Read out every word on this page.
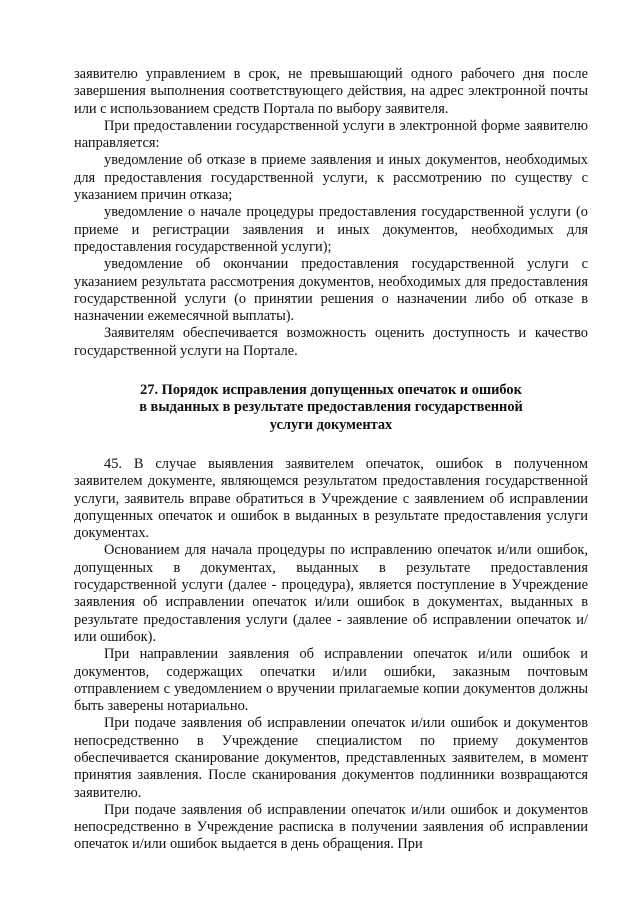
заявителю управлением в срок, не превышающий одного рабочего дня после завершения выполнения соответствующего действия, на адрес электронной почты или с использованием средств Портала по выбору заявителя.

При предоставлении государственной услуги в электронной форме заявителю направляется:

уведомление об отказе в приеме заявления и иных документов, необходимых для предоставления государственной услуги, к рассмотрению по существу с указанием причин отказа;

уведомление о начале процедуры предоставления государственной услуги (о приеме и регистрации заявления и иных документов, необходимых для предоставления государственной услуги);

уведомление об окончании предоставления государственной услуги с указанием результата рассмотрения документов, необходимых для предоставления государственной услуги (о принятии решения о назначении либо об отказе в назначении ежемесячной выплаты).

Заявителям обеспечивается возможность оценить доступность и качество государственной услуги на Портале.

27. Порядок исправления допущенных опечаток и ошибок
в выданных в результате предоставления государственной
услуги документах

45. В случае выявления заявителем опечаток, ошибок в полученном заявителем документе, являющемся результатом предоставления государственной услуги, заявитель вправе обратиться в Учреждение с заявлением об исправлении допущенных опечаток и ошибок в выданных в результате предоставления услуги документах.

Основанием для начала процедуры по исправлению опечаток и/или ошибок, допущенных в документах, выданных в результате предоставления государственной услуги (далее - процедура), является поступление в Учреждение заявления об исправлении опечаток и/или ошибок в документах, выданных в результате предоставления услуги (далее - заявление об исправлении опечаток и/или ошибок).

При направлении заявления об исправлении опечаток и/или ошибок и документов, содержащих опечатки и/или ошибки, заказным почтовым отправлением с уведомлением о вручении прилагаемые копии документов должны быть заверены нотариально.

При подаче заявления об исправлении опечаток и/или ошибок и документов непосредственно в Учреждение специалистом по приему документов обеспечивается сканирование документов, представленных заявителем, в момент принятия заявления. После сканирования документов подлинники возвращаются заявителю.

При подаче заявления об исправлении опечаток и/или ошибок и документов непосредственно в Учреждение расписка в получении заявления об исправлении опечаток и/или ошибок выдается в день обращения. При
